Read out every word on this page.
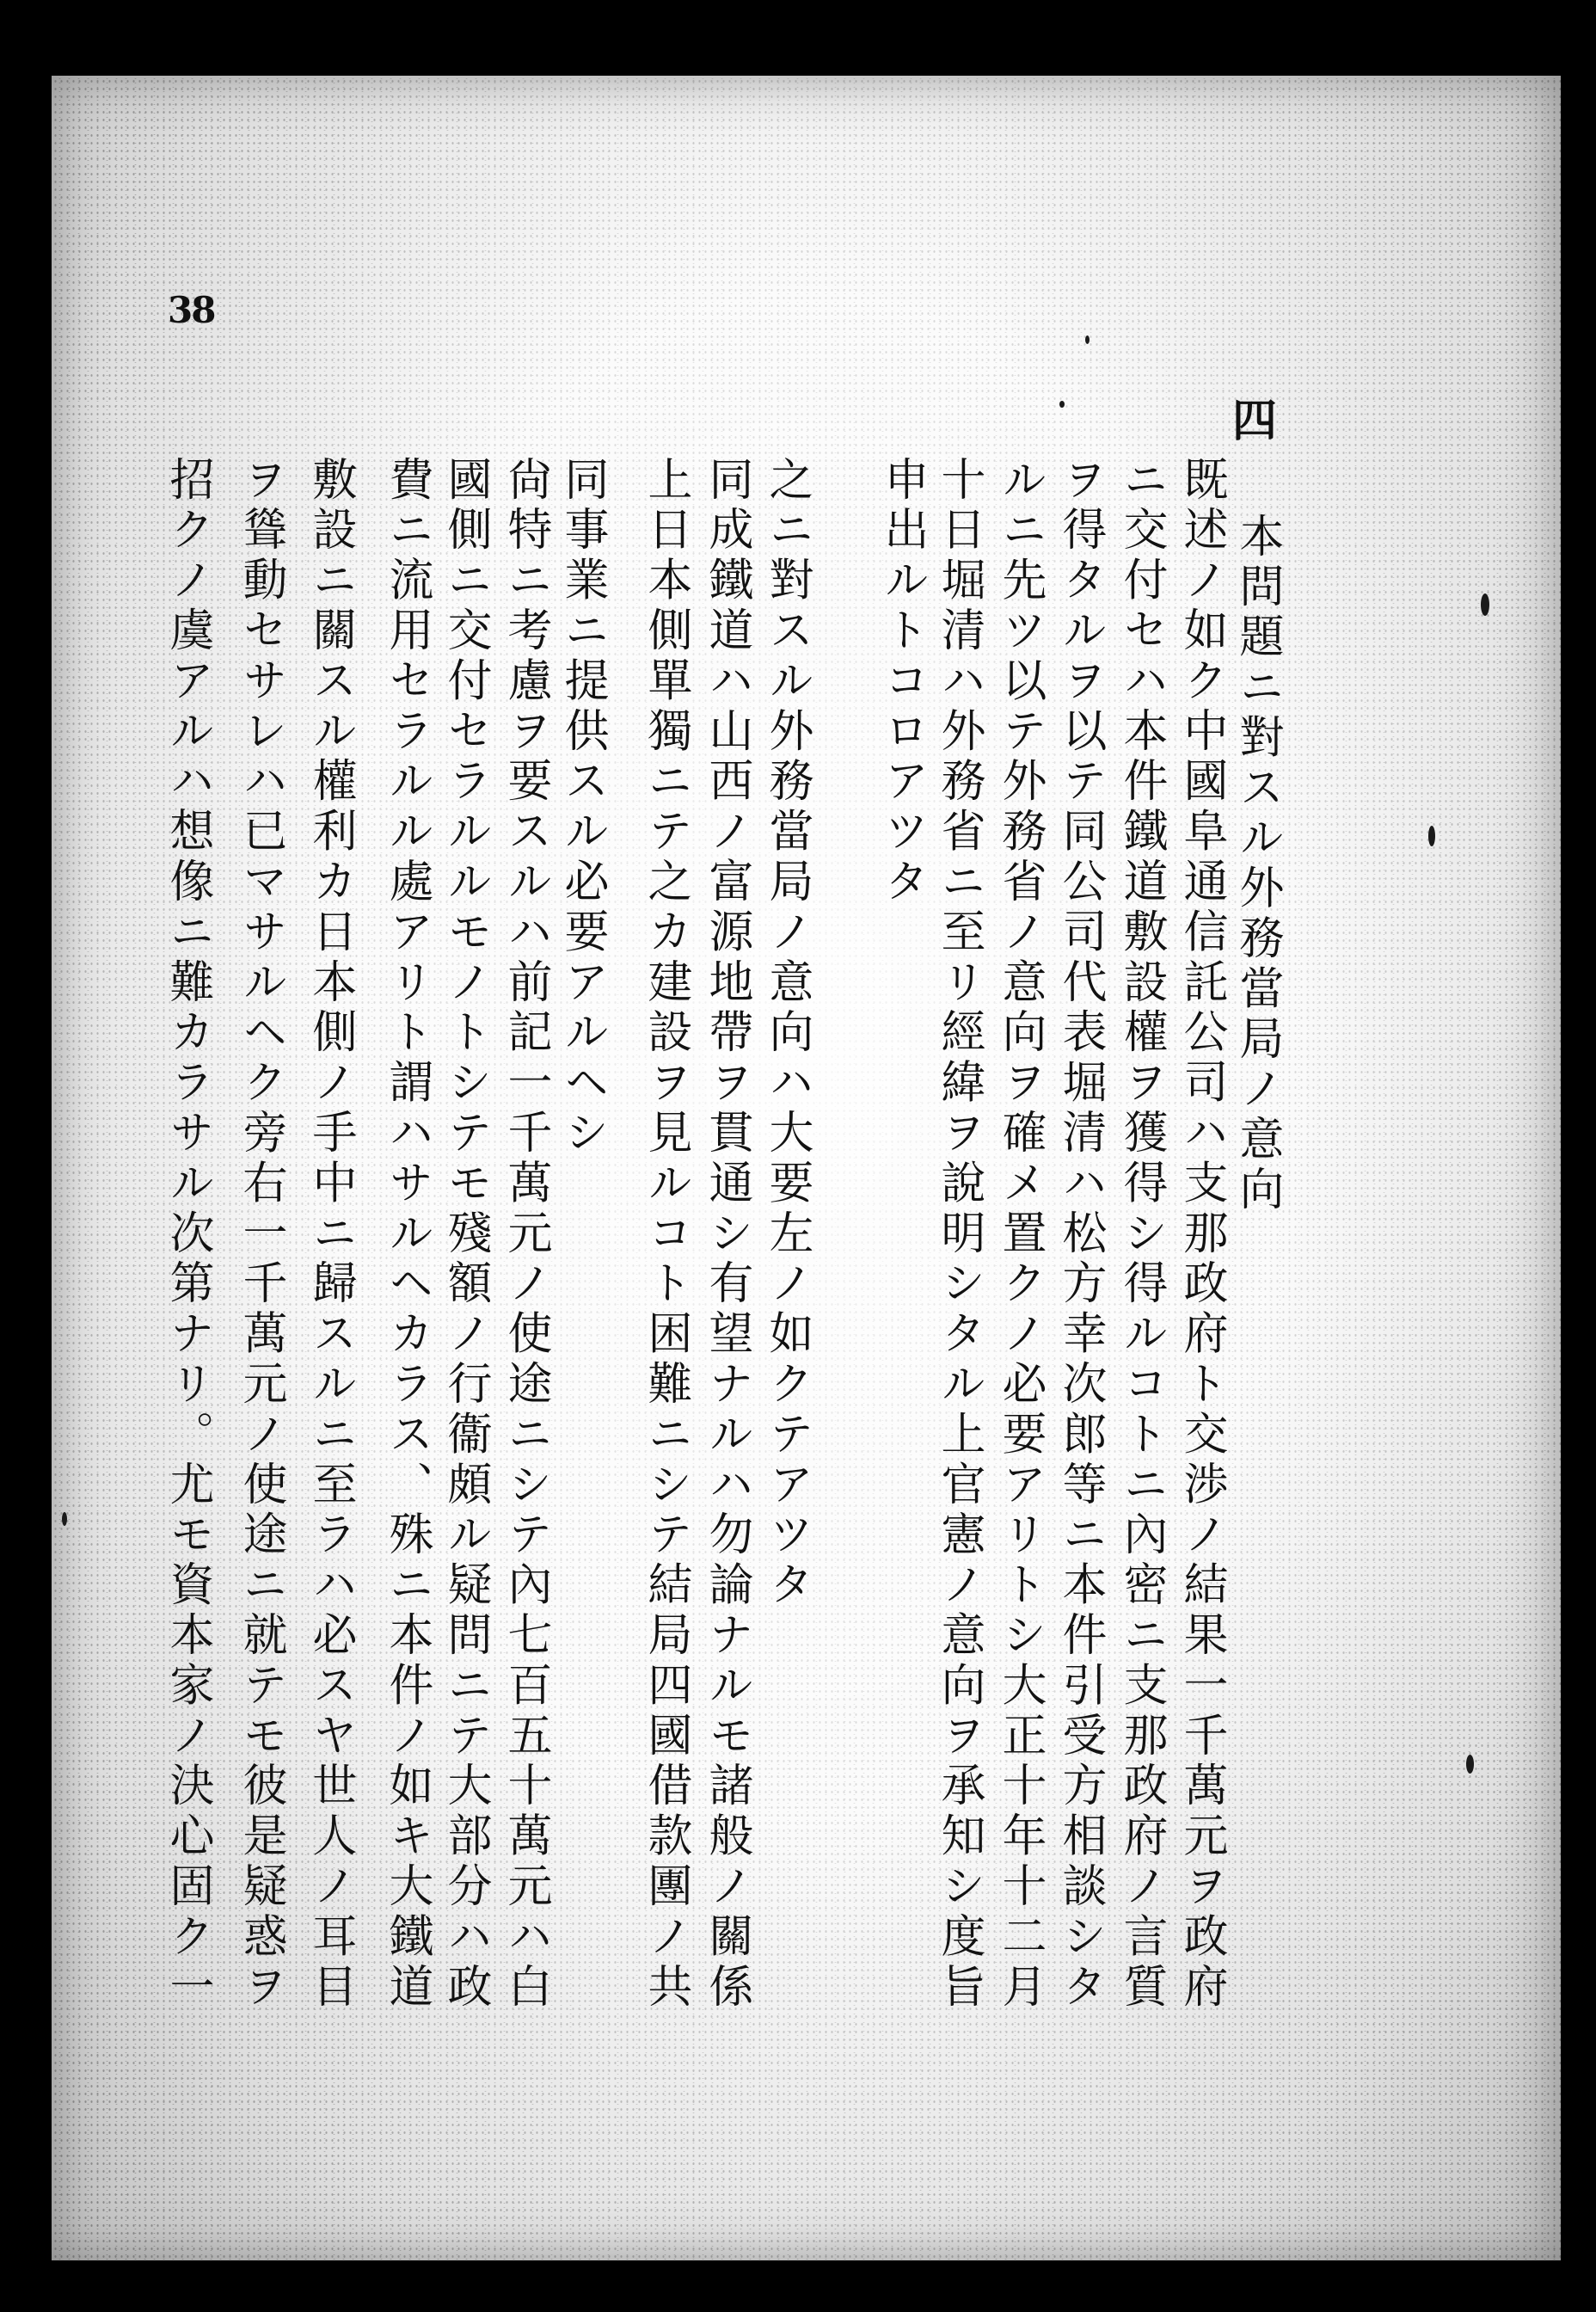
38
四
本問題ニ對スル外務當局ノ意向
既述ノ如ク中國阜通信託公司ハ支那政府ト交渉ノ結果一千萬元ヲ政府
ニ交付セハ本件鐵道敷設權ヲ獲得シ得ルコトニ內密ニ支那政府ノ言質
ヲ得タルヲ以テ同公司代表堀清ハ松方幸次郎等ニ本件引受方相談シタ
ルニ先ツ以テ外務省ノ意向ヲ確メ置クノ必要アリトシ大正十年十二月
十日堀清ハ外務省ニ至リ經緯ヲ說明シタル上官憲ノ意向ヲ承知シ度旨
申出ルトコロアツタ
之ニ對スル外務當局ノ意向ハ大要左ノ如クテアツタ
同成鐵道ハ山西ノ富源地帶ヲ貫通シ有望ナルハ勿論ナルモ諸般ノ關係
上日本側單獨ニテ之カ建設ヲ見ルコト困難ニシテ結局四國借款團ノ共
同事業ニ提供スル必要アルヘシ
尙特ニ考慮ヲ要スルハ前記一千萬元ノ使途ニシテ內七百五十萬元ハ白
國側ニ交付セラルルモノトシテモ殘額ノ行衞頗ル疑問ニテ大部分ハ政
費ニ流用セラルル處アリト謂ハサルヘカラス、殊ニ本件ノ如キ大鐵道
敷設ニ關スル權利カ日本側ノ手中ニ歸スルニ至ラハ必スヤ世人ノ耳目
ヲ聳動セサレハ已マサルヘク旁右一千萬元ノ使途ニ就テモ彼是疑惑ヲ
招クノ虞アルハ想像ニ難カラサル次第ナリ。尤モ資本家ノ決心固ク一
